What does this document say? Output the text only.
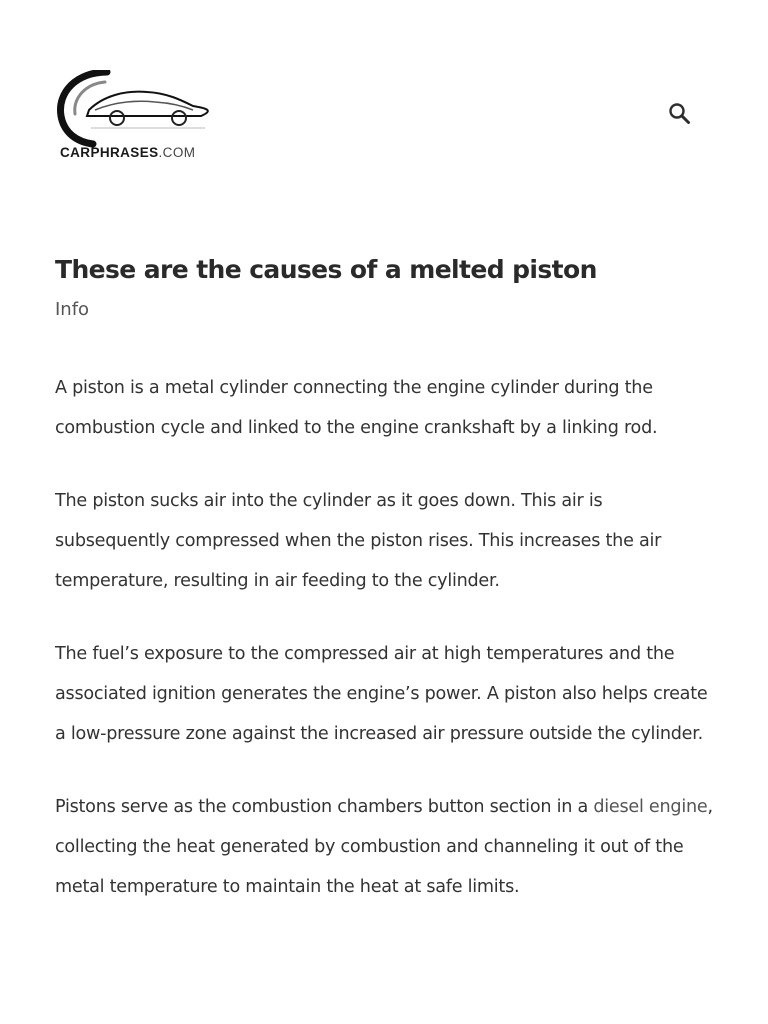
CARPHRASES.COM
These are the causes of a melted piston
Info

A piston is a metal cylinder connecting the engine cylinder during the combustion cycle and linked to the engine crankshaft by a linking rod.

The piston sucks air into the cylinder as it goes down. This air is subsequently compressed when the piston rises. This increases the air temperature, resulting in air feeding to the cylinder.

The fuel’s exposure to the compressed air at high temperatures and the associated ignition generates the engine’s power. A piston also helps create a low-pressure zone against the increased air pressure outside the cylinder.

Pistons serve as the combustion chambers button section in a diesel engine, collecting the heat generated by combustion and channeling it out of the metal temperature to maintain the heat at safe limits.
